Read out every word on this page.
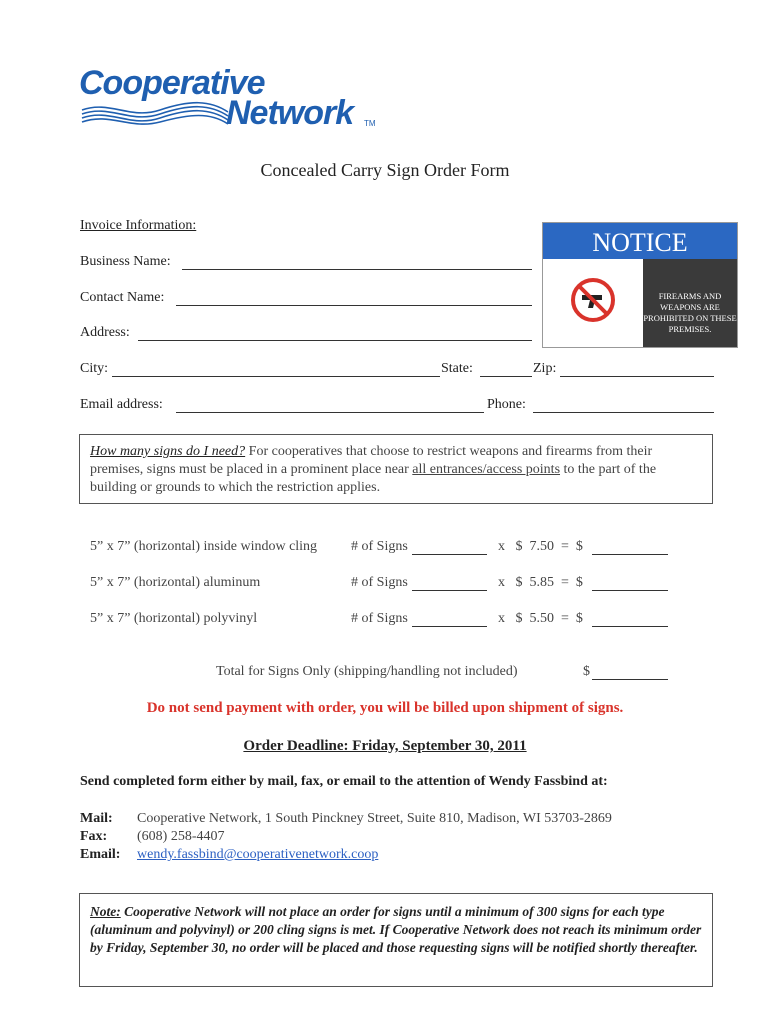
Cooperative
Network TM
Concealed Carry Sign Order Form
Invoice Information:
Business Name:
Contact Name:
Address:
City:	State:	Zip:
Email address:	Phone:
NOTICE
FIREARMS AND WEAPONS ARE PROHIBITED ON THESE PREMISES.
How many signs do I need? For cooperatives that choose to restrict weapons and firearms from their premises, signs must be placed in a prominent place near all entrances/access points to the part of the building or grounds to which the restriction applies.
5” x 7” (horizontal) inside window cling # of Signs	x   $  7.50  =  $
5” x 7” (horizontal) aluminum	# of Signs	x   $  5.85  =  $
5” x 7” (horizontal) polyvinyl	# of Signs	x   $  5.50  =  $
Total for Signs Only (shipping/handling not included)	$
Do not send payment with order, you will be billed upon shipment of signs.
Order Deadline: Friday, September 30, 2011
Send completed form either by mail, fax, or email to the attention of Wendy Fassbind at:
Mail: Cooperative Network, 1 South Pinckney Street, Suite 810, Madison, WI 53703-2869
Fax: (608) 258-4407
Email: wendy.fassbind@cooperativenetwork.coop
Note: Cooperative Network will not place an order for signs until a minimum of 300 signs for each type (aluminum and polyvinyl) or 200 cling signs is met. If Cooperative Network does not reach its minimum order by Friday, September 30, no order will be placed and those requesting signs will be notified shortly thereafter.
